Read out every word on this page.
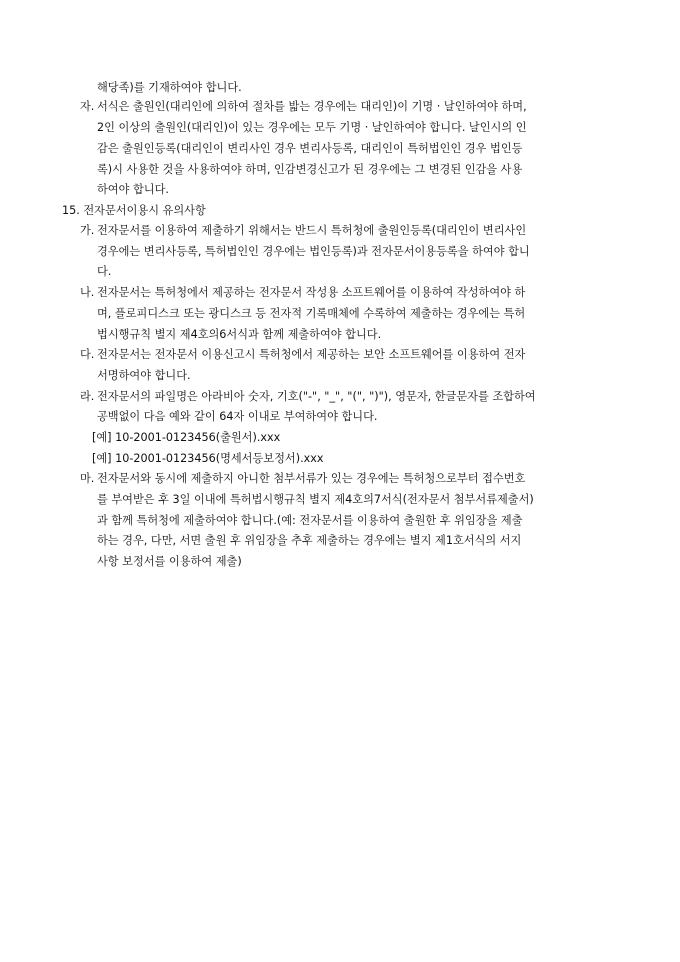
해당족)를 기재하여야 합니다.
자. 서식은 출원인(대리인에 의하여 절차를 밟는 경우에는 대리인)이 기명 · 날인하여야 하며,
2인 이상의 출원인(대리인)이 있는 경우에는 모두 기명 · 날인하여야 합니다. 날인시의 인
감은 출원인등록(대리인이 변리사인 경우 변리사등록, 대리인이 특허법인인 경우 법인등
록)시 사용한 것을 사용하여야 하며, 인감변경신고가 된 경우에는 그 변경된 인감을 사용
하여야 합니다.
15. 전자문서이용시 유의사항
가. 전자문서를 이용하여 제출하기 위해서는 반드시 특허청에 출원인등록(대리인이 변리사인
경우에는 변리사등록, 특허법인인 경우에는 법인등록)과 전자문서이용등록을 하여야 합니
다.
나. 전자문서는 특허청에서 제공하는 전자문서 작성용 소프트웨어를 이용하여 작성하여야 하
며, 플로피디스크 또는 광디스크 등 전자적 기록매체에 수록하여 제출하는 경우에는 특허
법시행규칙 별지 제4호의6서식과 함께 제출하여야 합니다.
다. 전자문서는 전자문서 이용신고시 특허청에서 제공하는 보안 소프트웨어를 이용하여 전자
서명하여야 합니다.
라. 전자문서의 파일명은 아라비아 숫자, 기호("-", "_", "(", ")"), 영문자, 한글문자를 조합하여
공백없이 다음 예와 같이 64자 이내로 부여하여야 합니다.
[예] 10-2001-0123456(출원서).xxx
[예] 10-2001-0123456(명세서등보정서).xxx
마. 전자문서와 동시에 제출하지 아니한 첨부서류가 있는 경우에는 특허청으로부터 접수번호
를 부여받은 후 3일 이내에 특허법시행규칙 별지 제4호의7서식(전자문서 첨부서류제출서)
과 함께 특허청에 제출하여야 합니다.(예: 전자문서를 이용하여 출원한 후 위임장을 제출
하는 경우, 다만, 서면 출원 후 위임장을 추후 제출하는 경우에는 별지 제1호서식의 서지
사항 보정서를 이용하여 제출)
